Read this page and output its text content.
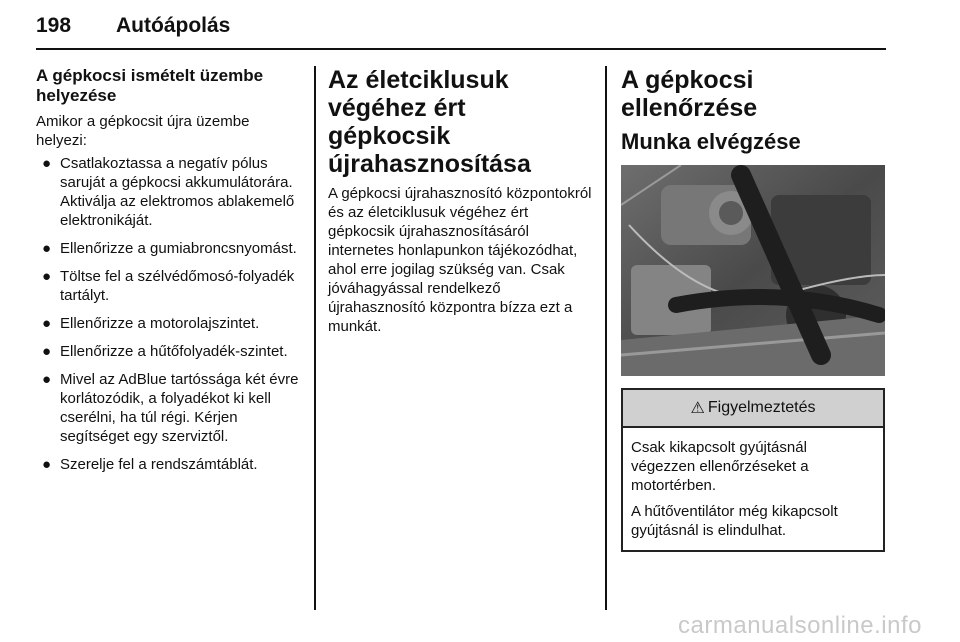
198 Autóápolás
A gépkocsi ismételt üzembe helyezése

Amikor a gépkocsit újra üzembe helyezi:

● Csatlakoztassa a negatív pólus saruját a gépkocsi akkumulátorára. Aktiválja az elektromos ablakemelő elektronikáját.
● Ellenőrizze a gumiabroncsnyomást.
● Töltse fel a szélvédőmosó-folyadék tartályt.
● Ellenőrizze a motorolajszintet.
● Ellenőrizze a hűtőfolyadék-szintet.
● Mivel az AdBlue tartóssága két évre korlátozódik, a folyadékot ki kell cserélni, ha túl régi. Kérjen segítséget egy szerviztől.
● Szerelje fel a rendszámtáblát.
Az életciklusuk végéhez ért gépkocsik újrahasznosítása

A gépkocsi újrahasznosító központokról és az életciklusuk végéhez ért gépkocsik újrahasznosításáról internetes honlapunkon tájékozódhat, ahol erre jogilag szükség van. Csak jóváhagyással rendelkező újrahasznosító központra bízza ezt a munkát.

A gépkocsi ellenőrzése
Munka elvégzése
⚠ Figyelmeztetés

Csak kikapcsolt gyújtásnál végezzen ellenőrzéseket a motortérben.

A hűtőventilátor még kikapcsolt gyújtásnál is elindulhat.

carmanualsonline.info
